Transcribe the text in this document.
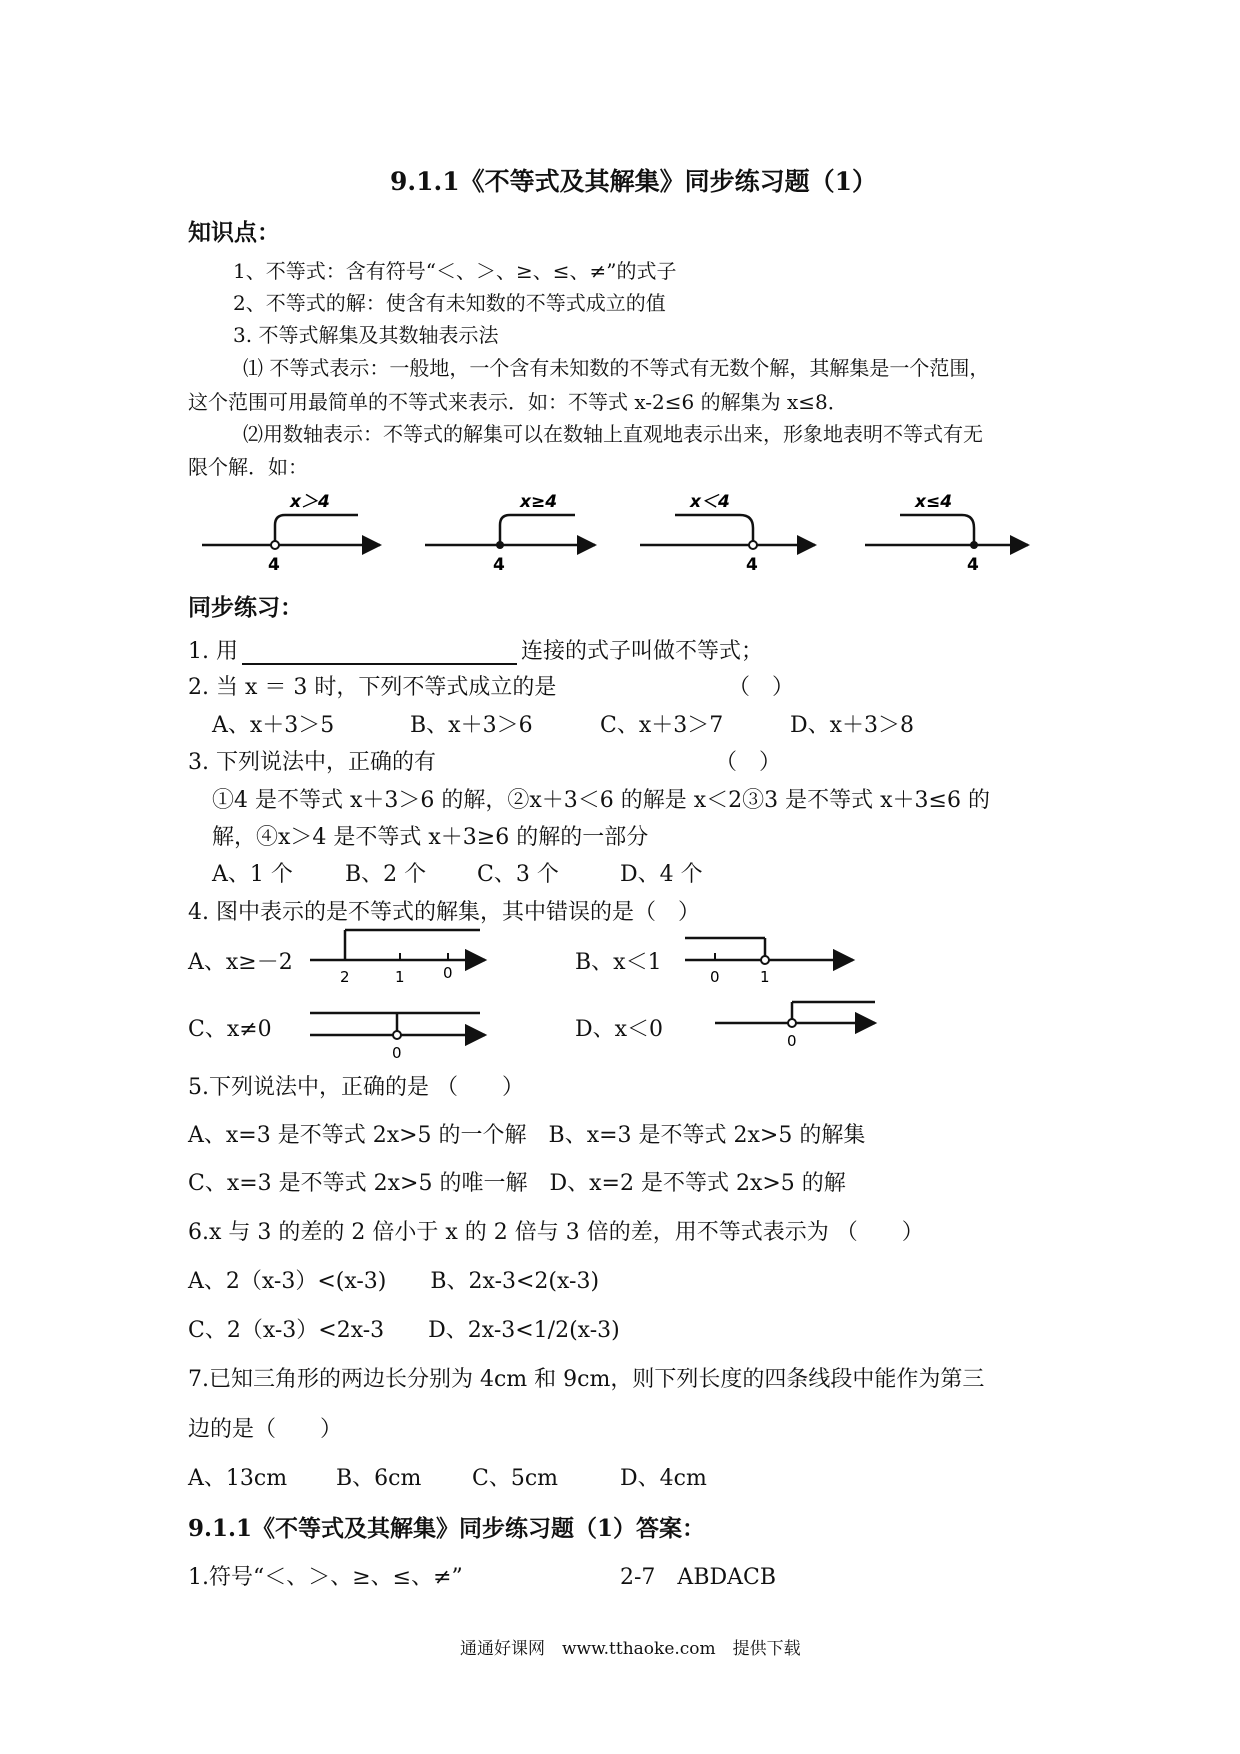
9.1.1《不等式及其解集》同步练习题（1）
知识点：
1、不等式：含有符号“＜、＞、≥、≤、≠”的式子
2、不等式的解：使含有未知数的不等式成立的值
3. 不等式解集及其数轴表示法
⑴ 不等式表示：一般地，一个含有未知数的不等式有无数个解，其解集是一个范围，
这个范围可用最简单的不等式来表示．如：不等式 x-2≤6 的解集为 x≤8．
⑵用数轴表示：不等式的解集可以在数轴上直观地表示出来，形象地表明不等式有无
限个解．如：
4
x＞4
4
x≥4
4
x＜4
4
x≤4
同步练习：
1. 用	连接的式子叫做不等式；
2. 当 x ＝ 3 时，下列不等式成立的是	（　）
A、x＋3＞5	B、x＋3＞6	C、x＋3＞7	D、x＋3＞8
3. 下列说法中，正确的有	（　）
①4 是不等式 x＋3＞6 的解，②x＋3＜6 的解是 x＜2③3 是不等式 x＋3≤6 的
解，④x＞4 是不等式 x＋3≥6 的解的一部分
A、1 个 B、2 个 C、3 个	D、4 个
4. 图中表示的是不等式的解集，其中错误的是（　）
A、x≥－2	B、x＜1
C、x≠0	D、x＜0
2	1	0	0	1
0
0
5.下列说法中，正确的是 （　　）
A、x=3 是不等式 2x>5 的一个解　B、x=3 是不等式 2x>5 的解集
C、x=3 是不等式 2x>5 的唯一解　D、x=2 是不等式 2x>5 的解
6.x 与 3 的差的 2 倍小于 x 的 2 倍与 3 倍的差，用不等式表示为 （　　）
A、2（x-3）<(x-3)　　B、2x-3<2(x-3)
C、2（x-3）<2x-3　　D、2x-3<1/2(x-3)
7.已知三角形的两边长分别为 4cm 和 9cm，则下列长度的四条线段中能作为第三
边的是（　　）
A、13cm B、6cm C、5cm	D、4cm
9.1.1《不等式及其解集》同步练习题（1）答案：
1.符号“＜、＞、≥、≤、≠”	2-7　ABDACB
通通好课网　www.tthaoke.com　提供下载
